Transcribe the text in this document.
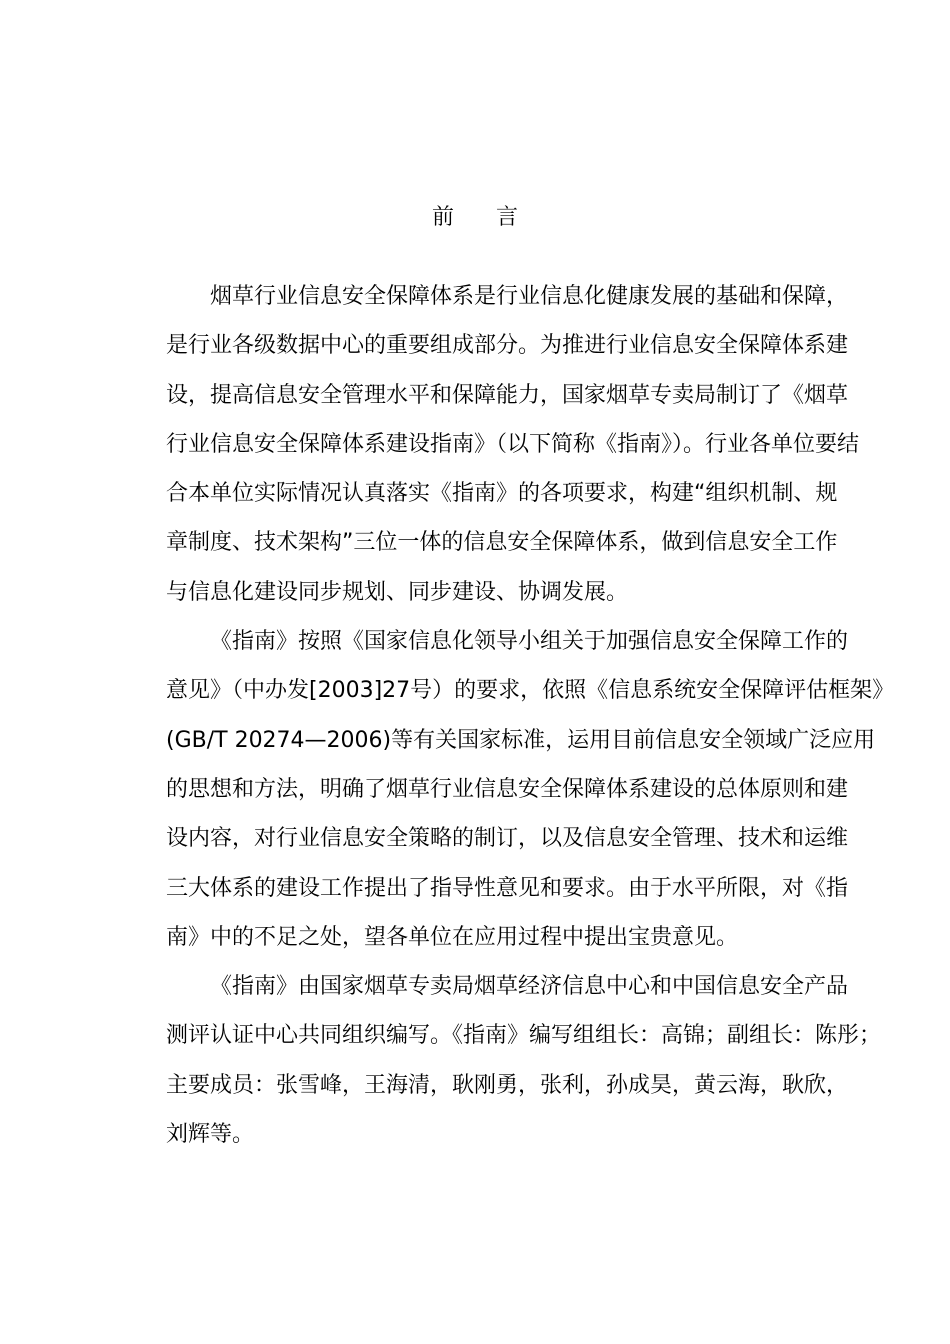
前言
烟草行业信息安全保障体系是行业信息化健康发展的基础和保障，
是行业各级数据中心的重要组成部分。为推进行业信息安全保障体系建
设，提高信息安全管理水平和保障能力，国家烟草专卖局制订了《烟草
行业信息安全保障体系建设指南》（以下简称《指南》）。行业各单位要结
合本单位实际情况认真落实《指南》的各项要求，构建“组织机制、规
章制度、技术架构”三位一体的信息安全保障体系，做到信息安全工作
与信息化建设同步规划、同步建设、协调发展。
《指南》按照《国家信息化领导小组关于加强信息安全保障工作的
意见》（中办发[2003]27号）的要求，依照《信息系统安全保障评估框架》
(GB/T 20274—2006)等有关国家标准，运用目前信息安全领域广泛应用
的思想和方法，明确了烟草行业信息安全保障体系建设的总体原则和建
设内容，对行业信息安全策略的制订，以及信息安全管理、技术和运维
三大体系的建设工作提出了指导性意见和要求。由于水平所限，对《指
南》中的不足之处，望各单位在应用过程中提出宝贵意见。
《指南》由国家烟草专卖局烟草经济信息中心和中国信息安全产品
测评认证中心共同组织编写。《指南》编写组组长：高锦；副组长：陈彤；
主要成员：张雪峰，王海清，耿刚勇，张利，孙成昊，黄云海，耿欣，
刘辉等。
